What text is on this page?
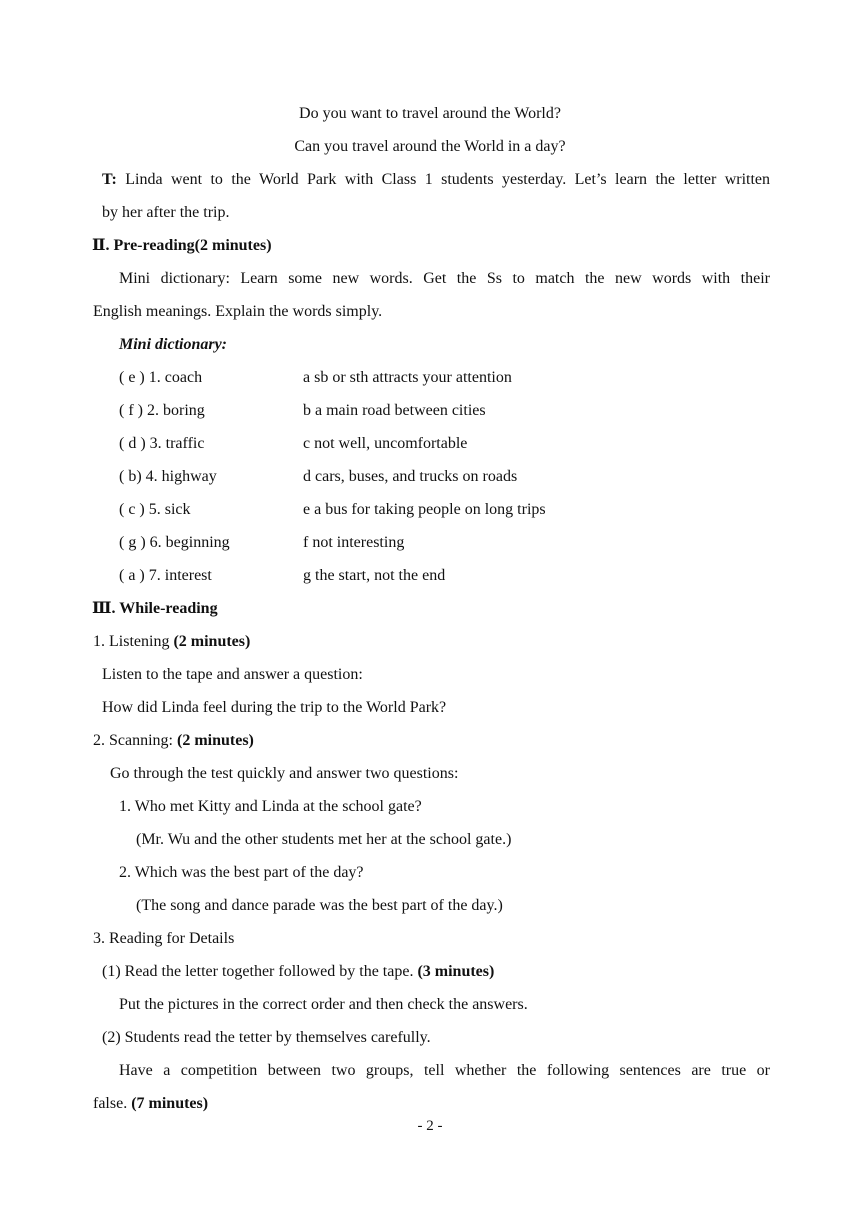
Do you want to travel around the World?
Can you travel around the World in a day?
T: Linda went to the World Park with Class 1 students yesterday. Let’s learn the letter written
by her after the trip.
Ⅱ. Pre-reading(2 minutes)
Mini dictionary: Learn some new words. Get the Ss to match the new words with their
English meanings. Explain the words simply.
Mini dictionary:
( e ) 1. coach	a sb or sth attracts your attention
( f ) 2. boring	b a main road between cities
( d ) 3. traffic	c not well, uncomfortable
( b) 4. highway	d cars, buses, and trucks on roads
( c ) 5. sick	e a bus for taking people on long trips
( g ) 6. beginning	f not interesting
( a ) 7. interest	g the start, not the end
Ⅲ. While-reading
1. Listening (2 minutes)
Listen to the tape and answer a question:
How did Linda feel during the trip to the World Park?
2. Scanning: (2 minutes)
Go through the test quickly and answer two questions:
1. Who met Kitty and Linda at the school gate?
(Mr. Wu and the other students met her at the school gate.)
2. Which was the best part of the day?
(The song and dance parade was the best part of the day.)
3. Reading for Details
(1) Read the letter together followed by the tape. (3 minutes)
Put the pictures in the correct order and then check the answers.
(2) Students read the tetter by themselves carefully.
Have a competition between two groups, tell whether the following sentences are true or
false. (7 minutes)
- 2 -
